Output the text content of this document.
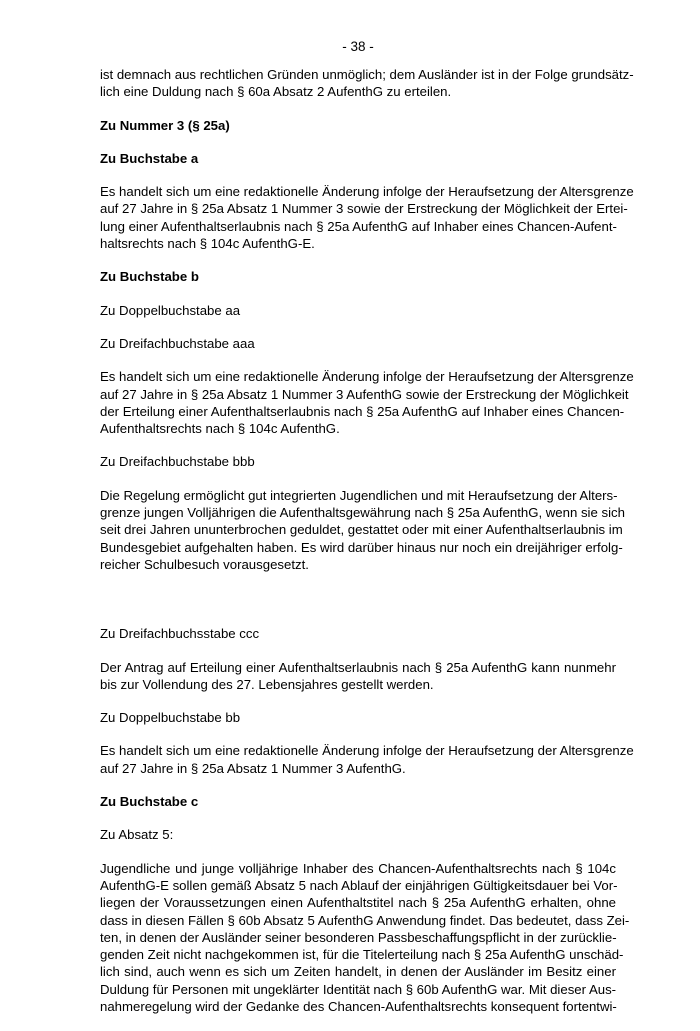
- 38 -
ist demnach aus rechtlichen Gründen unmöglich; dem Ausländer ist in der Folge grundsätz-
lich eine Duldung nach § 60a Absatz 2 AufenthG zu erteilen.
Zu Nummer 3 (§ 25a)
Zu Buchstabe a
Es handelt sich um eine redaktionelle Änderung infolge der Heraufsetzung der Altersgrenze
auf 27 Jahre in § 25a Absatz 1 Nummer 3 sowie der Erstreckung der Möglichkeit der Ertei-
lung einer Aufenthaltserlaubnis nach § 25a AufenthG auf Inhaber eines Chancen-Aufent-
haltsrechts nach § 104c AufenthG-E.
Zu Buchstabe b
Zu Doppelbuchstabe aa
Zu Dreifachbuchstabe aaa
Es handelt sich um eine redaktionelle Änderung infolge der Heraufsetzung der Altersgrenze
auf 27 Jahre in § 25a Absatz 1 Nummer 3 AufenthG sowie der Erstreckung der Möglichkeit
der Erteilung einer Aufenthaltserlaubnis nach § 25a AufenthG auf Inhaber eines Chancen-
Aufenthaltsrechts nach § 104c AufenthG.
Zu Dreifachbuchstabe bbb
Die Regelung ermöglicht gut integrierten Jugendlichen und mit Heraufsetzung der Alters-
grenze jungen Volljährigen die Aufenthaltsgewährung nach § 25a AufenthG, wenn sie sich
seit drei Jahren ununterbrochen geduldet, gestattet oder mit einer Aufenthaltserlaubnis im
Bundesgebiet aufgehalten haben. Es wird darüber hinaus nur noch ein dreijähriger erfolg-
reicher Schulbesuch vorausgesetzt.
Zu Dreifachbuchsstabe ccc
Der Antrag auf Erteilung einer Aufenthaltserlaubnis nach § 25a AufenthG kann nunmehr
bis zur Vollendung des 27. Lebensjahres gestellt werden.
Zu Doppelbuchstabe bb
Es handelt sich um eine redaktionelle Änderung infolge der Heraufsetzung der Altersgrenze
auf 27 Jahre in § 25a Absatz 1 Nummer 3 AufenthG.
Zu Buchstabe c
Zu Absatz 5:
Jugendliche und junge volljährige Inhaber des Chancen-Aufenthaltsrechts nach § 104c
AufenthG-E sollen gemäß Absatz 5 nach Ablauf der einjährigen Gültigkeitsdauer bei Vor-
liegen der Voraussetzungen einen Aufenthaltstitel nach § 25a AufenthG erhalten, ohne
dass in diesen Fällen § 60b Absatz 5 AufenthG Anwendung findet. Das bedeutet, dass Zei-
ten, in denen der Ausländer seiner besonderen Passbeschaffungspflicht in der zurücklie-
genden Zeit nicht nachgekommen ist, für die Titelerteilung nach § 25a AufenthG unschäd-
lich sind, auch wenn es sich um Zeiten handelt, in denen der Ausländer im Besitz einer
Duldung für Personen mit ungeklärter Identität nach § 60b AufenthG war. Mit dieser Aus-
nahmeregelung wird der Gedanke des Chancen-Aufenthaltsrechts konsequent fortentwi-
